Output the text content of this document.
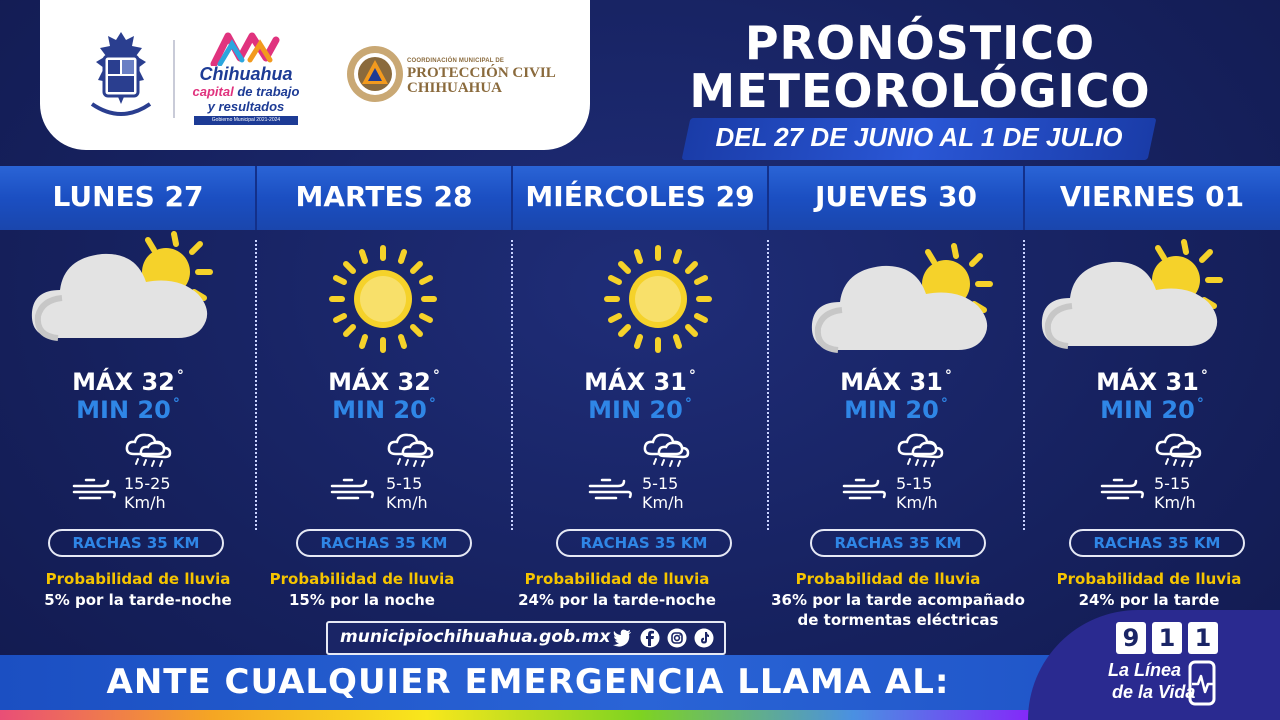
Chihuahua
capital de trabajo
y resultados
Gobierno Municipal 2021-2024
COORDINACIÓN MUNICIPAL DE
PROTECCIÓN CIVIL
CHIHUAHUA
PRONÓSTICO
METEOROLÓGICO
DEL 27 DE JUNIO AL 1 DE JULIO
LUNES 27
MÁX 32 °
MIN 20 °
15-25
Km/h
RACHAS 35 KM
Probabilidad de lluvia
5% por la tarde-noche
MARTES 28
MÁX 32 °
MIN 20 °
5-15
Km/h
RACHAS 35 KM
Probabilidad de lluvia
15% por la noche
MIÉRCOLES 29
MÁX 31 °
MIN 20 °
5-15
Km/h
RACHAS 35 KM
Probabilidad de lluvia
24% por la tarde-noche
JUEVES 30
MÁX 31 °
MIN 20 °
5-15
Km/h
RACHAS 35 KM
Probabilidad de lluvia
36% por la tarde acompañado
de tormentas eléctricas
VIERNES 01
MÁX 31 °
MIN 20 °
5-15
Km/h
RACHAS 35 KM
Probabilidad de lluvia
24% por la tarde
municipiochihuahua.gob.mx
ANTE CUALQUIER EMERGENCIA LLAMA AL:
9 1 1
La Línea
de la Vida
